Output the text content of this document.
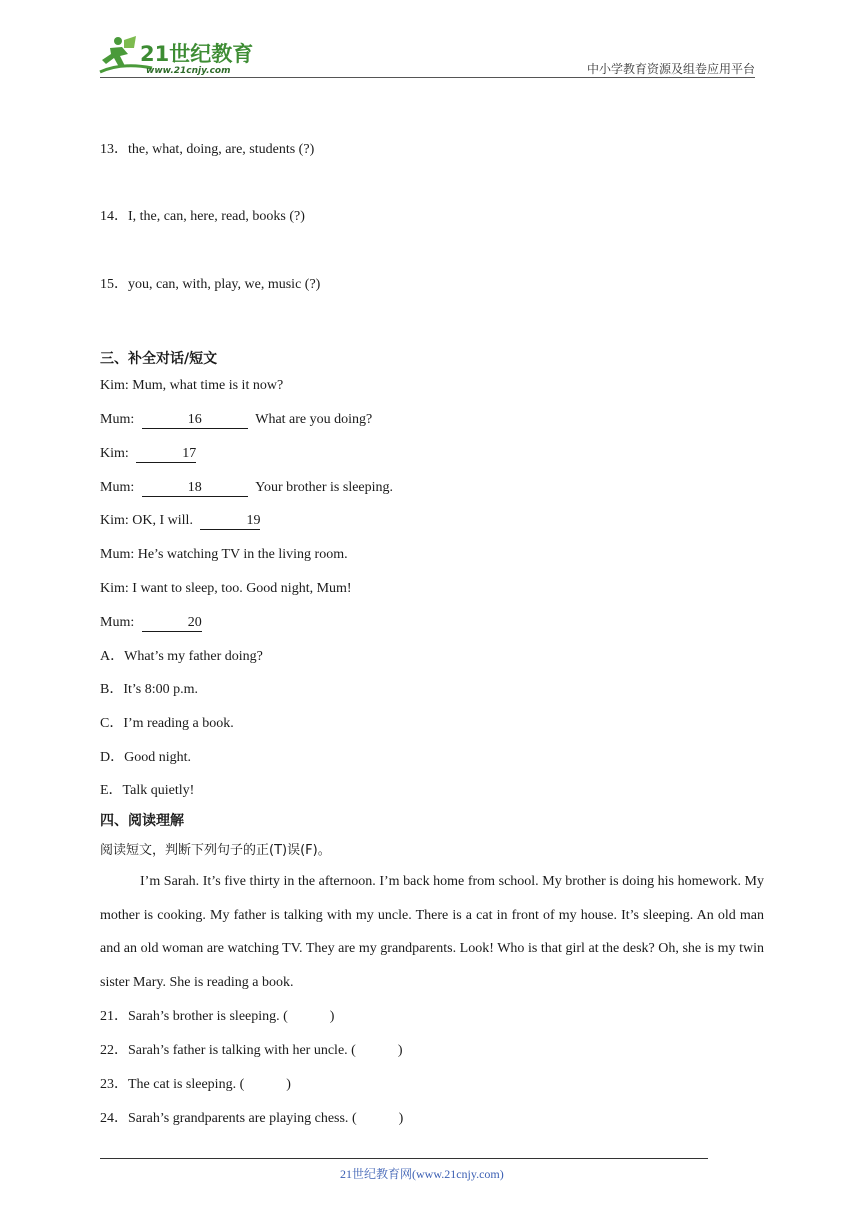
21世纪教育
www.21cnjy.com	中小学教育资源及组卷应用平台
13．the, what, doing, are, students (?)
14．I, the, can, here, read, books (?)
15．you, can, with, play, we, music (?)
三、补全对话/短文
Kim: Mum, what time is it now?
Mum:	16	What are you doing?
Kim:	17
Mum:	18	Your brother is sleeping.
Kim: OK, I will.	19
Mum: He’s watching TV in the living room.
Kim: I want to sleep, too. Good night, Mum!
Mum:	20
A．What’s my father doing?
B．It’s 8:00 p.m.
C．I’m reading a book.
D．Good night.
E．Talk quietly!
四、阅读理解
阅读短文，判断下列句子的正(T)误(F)。

I’m Sarah. It’s five thirty in the afternoon. I’m back home from school. My brother is doing his homework. My mother is cooking. My father is talking with my uncle. There is a cat in front of my house. It’s sleeping. An old man and an old woman are watching TV. They are my grandparents. Look! Who is that girl at the desk? Oh, she is my twin sister Mary. She is reading a book.

21．Sarah’s brother is sleeping. (            )
22．Sarah’s father is talking with her uncle. (            )
23．The cat is sleeping. (            )
24．Sarah’s grandparents are playing chess. (            )
21世纪教育网(www.21cnjy.com)
